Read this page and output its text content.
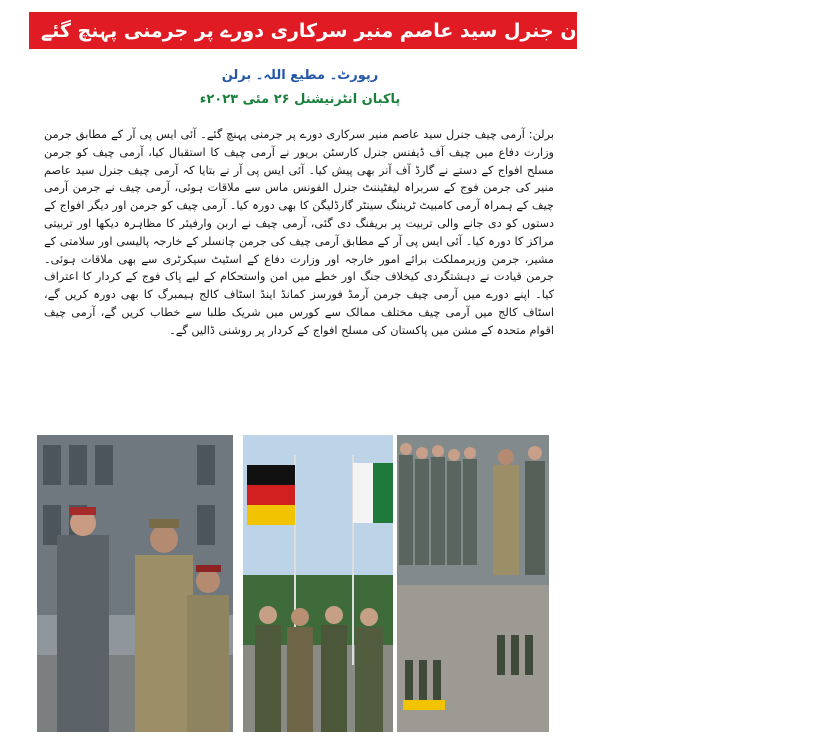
جرمنی:
آرمی چیف پاکستان جنرل سید عاصم منیر سرکاری دورے پر جرمنی پہنچ گئے
رپورٹ۔ مطیع اللہ۔ برلن
پاکبان انٹرنیشنل ۲۶ مئی ۲۰۲۳ء

برلن: آرمی چیف جنرل سید عاصم منیر سرکاری دورے پر جرمنی پہنچ گئے۔ آئی ایس پی آر کے مطابق جرمن وزارت دفاع میں چیف آف ڈیفنس جنرل کارسٹن بریور نے آرمی چیف کا استقبال کیا، آرمی چیف کو جرمن مسلح افواج کے دستے نے گارڈ آف آنر بھی پیش کیا۔ آئی ایس پی آر نے بتایا کہ آرمی چیف جنرل سید عاصم منیر کی جرمن فوج کے سربراہ لیفٹیننٹ جنرل الفونس ماس سے ملاقات ہوئی، آرمی چیف نے جرمن آرمی چیف کے ہمراہ آرمی کامبیٹ ٹریننگ سینٹر گارڈلیگن کا بھی دورہ کیا۔ آرمی چیف کو جرمن اور دیگر افواج کے دستوں کو دی جانے والی تربیت پر بریفنگ دی گئی، آرمی چیف نے اربن وارفیئر کا مظاہرہ دیکھا اور تربیتی مراکز کا دورہ کیا۔ آئی ایس پی آر کے مطابق آرمی چیف کی جرمن چانسلر کے خارجہ پالیسی اور سلامتی کے مشیر، جرمن وزیرمملکت برائے امور خارجہ اور وزارت دفاع کے اسٹیٹ سیکرٹری سے بھی ملاقات ہوئی۔ جرمن قیادت نے دہشتگردی کیخلاف جنگ اور خطے میں امن واستحکام کے لیے پاک فوج کے کردار کا اعتراف کیا۔ اپنے دورے میں آرمی چیف جرمن آرمڈ فورسز کمانڈ اینڈ اسٹاف کالج ہیمبرگ کا بھی دورہ کریں گے، اسٹاف کالج میں آرمی چیف مختلف ممالک سے کورس میں شریک طلبا سے خطاب کریں گے، آرمی چیف اقوام متحدہ کے مشن میں پاکستان کی مسلح افواج کے کردار پر روشنی ڈالیں گے۔
